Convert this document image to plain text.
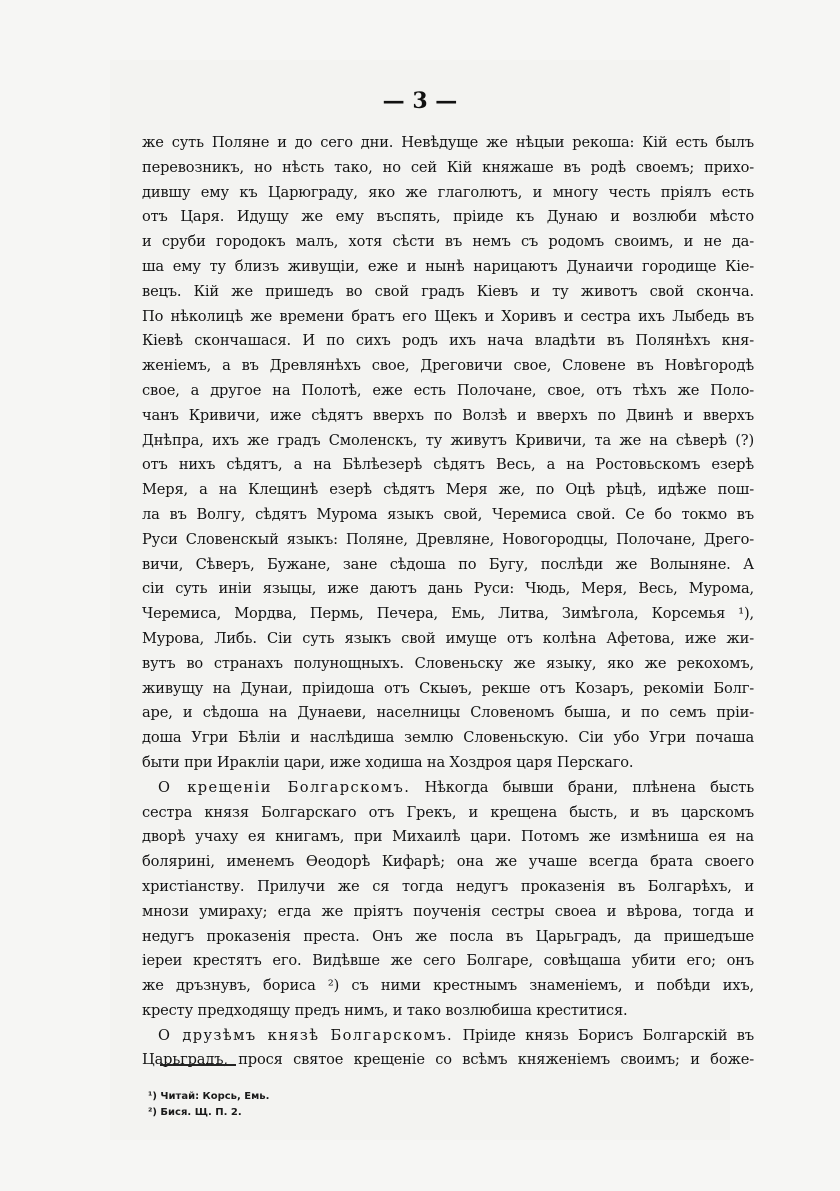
— 3 —
же суть Поляне и до сего дни. Невѣдуще же нѣцыи рекоша: Кій есть былъ
перевозникъ, но нѣсть тако, но сей Кій княжаше въ родѣ своемъ; прихо-
дившу ему къ Царюграду, яко же глаголютъ, и многу честь пріялъ есть
отъ Царя. Идущу же ему въспять, пріиде къ Дунаю и возлюби мѣсто
и сруби городокъ малъ, хотя сѣсти въ немъ съ родомъ своимъ, и не да-
ша ему ту близъ живущіи, еже и нынѣ нарицаютъ Дунаичи городище Кіе-
вецъ. Кій же пришедъ во свой градъ Кіевъ и ту животъ свой скончa.
По нѣколицѣ же времени братъ его Щекъ и Хоривъ и сестра ихъ Лыбедь въ
Кіевѣ скончашася. И по сихъ родъ ихъ нача владѣти въ Полянѣхъ кня-
женіемъ, а въ Древлянѣхъ свое, Дреговичи свое, Словене въ Новѣгородѣ
свое, а другое на Полотѣ, еже есть Полочане, свое, отъ тѣхъ же Поло-
чанъ Кривичи, иже сѣдятъ вверхъ по Волзѣ и вверхъ по Двинѣ и вверхъ
Днѣпра, ихъ же градъ Смоленскъ, ту живутъ Кривичи, та же на сѣверѣ (?)
отъ нихъ сѣдятъ, а на Бѣлѣезерѣ сѣдятъ Весь, а на Ростовьскомъ езерѣ
Меря, а на Клещинѣ езерѣ сѣдятъ Меря же, по Оцѣ рѣцѣ, идѣже пош-
ла въ Волгу, сѣдятъ Мурома языкъ свой, Черемиса свой. Се бо токмо въ
Руси Словенскый языкъ: Поляне, Древляне, Новогородцы, Полочане, Дрего-
вичи, Сѣверъ, Бужане, зане сѣдоша по Бугу, послѣди же Волыняне. А
сіи суть иніи языцы, иже даютъ дань Руси: Чюдь, Меря, Весь, Мурома,
Черемиса, Мордва, Пермь, Печера, Емь, Литва, Зимѣгола, Корсемья ¹),
Мурова, Либь. Сіи суть языкъ свой имуще отъ колѣна Афетова, иже жи-
вутъ во странахъ полунощныхъ. Словеньску же языку, яко же рекохомъ,
живущу на Дунаи, пріидоша отъ Скыѳъ, рекше отъ Козаръ, рекоміи Болг-
аре, и сѣдоша на Дунаеви, населницы Словеномъ быша, и по семъ пріи-
доша Угри Бѣліи и наслѣдиша землю Словеньскую. Сіи убо Угри почаша
быти при Иракліи цари, иже ходиша на Хоздроя царя Перскаго.
О крещеніи Болгарскомъ. Нѣкогда бывши брани, плѣнена бысть
сестра князя Болгарскаго отъ Грекъ, и крещена бысть, и въ царскомъ
дворѣ учаху ея книгамъ, при Михаилѣ цари. Потомъ же измѣниша ея на
болярині, именемъ Ѳеодорѣ Кифарѣ; она же учаше всегда брата своего
христіанству. Прилучи же ся тогда недугъ проказенія въ Болгарѣхъ, и
мнози умираху; егда же пріятъ поученія сестры своеа и вѣрова, тогда и
недугъ проказенія преста. Онъ же посла въ Царьградъ, да пришедъше
іереи крестятъ его. Видѣвше же сего Болгаре, совѣщаша убити его; онъ
же дръзнувъ, бориса ²) съ ними крестнымъ знаменіемъ, и побѣди ихъ,
кресту предходящу предъ нимъ, и тако возлюбиша креститися.
О друзѣмъ князѣ Болгарскомъ. Пріиде князь Борисъ Болгарскій въ
Царьградъ, прося святое крещеніе со всѣмъ княженіемъ своимъ; и боже-
¹) Читай: Корсь, Емь.
²) Бися. Щ. П. 2.
